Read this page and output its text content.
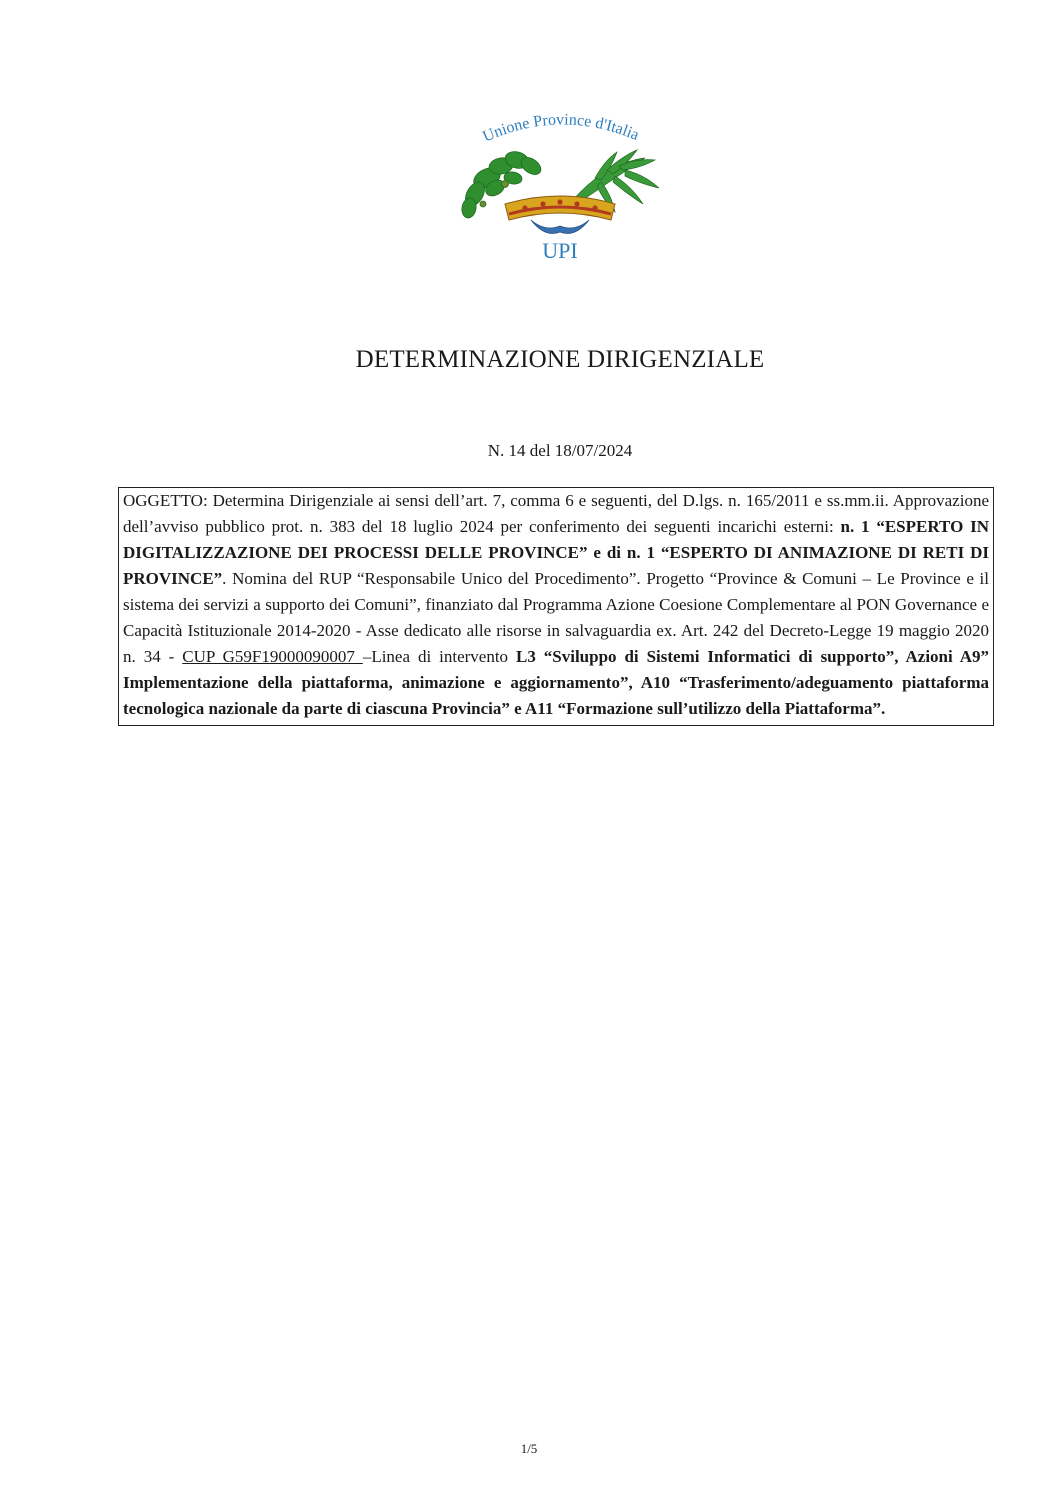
Unione Province d'Italia
UPI
DETERMINAZIONE DIRIGENZIALE
N. 14 del 18/07/2024
OGGETTO: Determina Dirigenziale ai sensi dell’art. 7, comma 6 e seguenti, del D.lgs. n. 165/2011 e ss.mm.ii. Approvazione dell’avviso pubblico prot. n. 383 del 18 luglio 2024 per conferimento dei seguenti incarichi esterni: n. 1 “ESPERTO IN DIGITALIZZAZIONE DEI PROCESSI DELLE PROVINCE” e di n. 1 “ESPERTO DI ANIMAZIONE DI RETI DI PROVINCE”. Nomina del RUP “Responsabile Unico del Procedimento”. Progetto “Province & Comuni – Le Province e il sistema dei servizi a supporto dei Comuni”, finanziato dal Programma Azione Coesione Complementare al PON Governance e Capacità Istituzionale 2014-2020 - Asse dedicato alle risorse in salvaguardia ex. Art. 242 del Decreto-Legge 19 maggio 2020 n. 34 - CUP G59F19000090007 –Linea di intervento L3 “Sviluppo di Sistemi Informatici di supporto”, Azioni A9” Implementazione della piattaforma, animazione e aggiornamento”, A10 “Trasferimento/adeguamento piattaforma tecnologica nazionale da parte di ciascuna Provincia” e A11 “Formazione sull’utilizzo della Piattaforma”.
1/5
